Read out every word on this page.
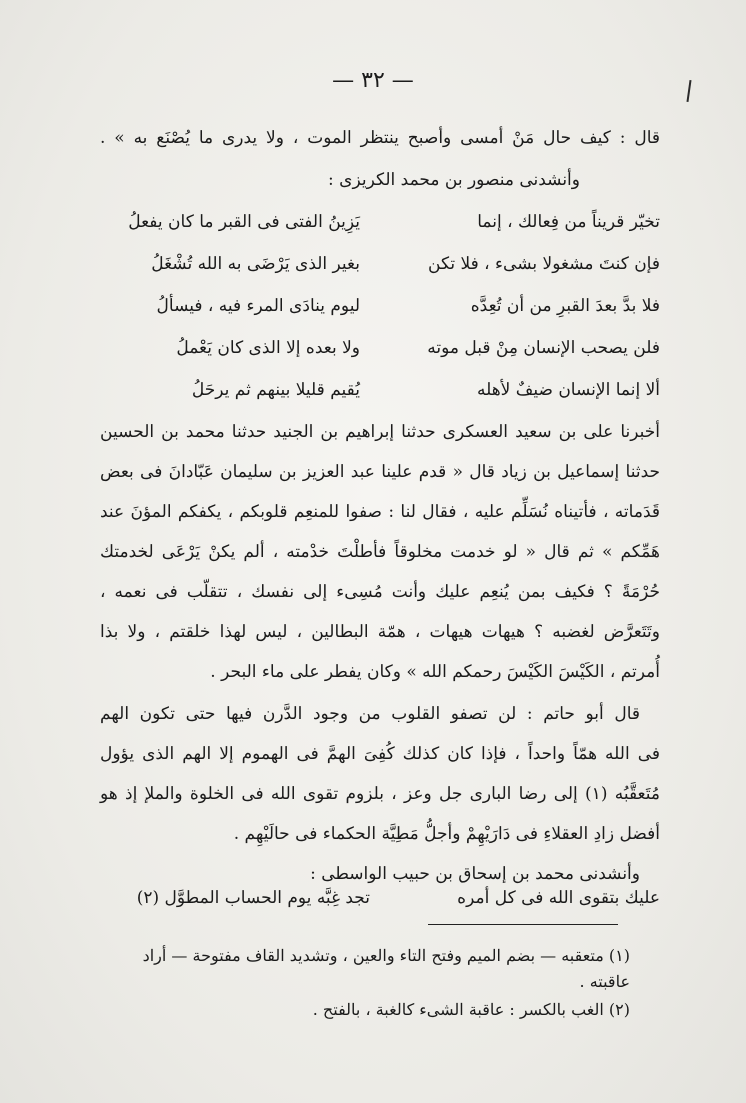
— ٣٢ —
قال : كيف حال مَنْ أمسى وأصبح ينتظر الموت ، ولا يدرى ما يُصْنَع به » .
وأنشدنى منصور بن محمد الكريزى :
تخيّر قريناً من فِعالك ، إنما
يَزِينُ الفتى فى القبر ما كان يفعلُ
فإن كنتَ مشغولا بشىء ، فلا تكن
بغير الذى يَرْضَى به الله تُشْغَلُ
فلا بدَّ بعدَ القبرِ من أن تُعِدَّه
ليوم ينادَى المرء فيه ، فيسألُ
فلن يصحب الإنسان مِنْ قبل موته
ولا بعده إلا الذى كان يَعْملُ
ألا إنما الإنسان ضيفٌ لأهله
يُقيم قليلا بينهم ثم يرحَلُ
أخبرنا على بن سعيد العسكرى حدثنا إبراهيم بن الجنيد حدثنا محمد بن الحسين
حدثنا إسماعيل بن زياد قال « قدم علينا عبد العزيز بن سليمان عَبّادانَ فى بعض
قَدَماته ، فأتيناه نُسَلِّم عليه ، فقال لنا : صفوا للمنعِم قلوبكم ، يكفكم المؤنَ عند
هَمِّكم » ثم قال « لو خدمت مخلوقاً فأطلْتَ خدْمته ، ألم يكنْ يَرْعَى لخدمتك
حُرْمَةً ؟ فكيف بمن يُنعِم عليك وأنت مُسِىء إلى نفسك ، تتقلّب فى نعمه ،
وتَتَعرَّض لغضبه ؟ هيهات هيهات ، همّة البطالين ، ليس لهذا خلقتم ، ولا بذا
أُمرتم ، الكَيْسَ الكَيْسَ رحمكم الله » وكان يفطر على ماء البحر .
قال أبو حاتم : لن تصفو القلوب من وجود الدَّرن فيها حتى تكون الهم
فى الله همّاً واحداً ، فإذا كان كذلك كُفِىَ الهمَّ فى الهموم إلا الهم الذى يؤول
مُتَعقَّبُه (١) إلى رضا البارى جل وعز ، بلزوم تقوى الله فى الخلوة والملإ إذ هو
أفضل زادِ العقلاءِ فى دَارَيْهِمْ وأجلُّ مَطِيَّة الحكماء فى حالَيْهِم .
وأنشدنى محمد بن إسحاق بن حبيب الواسطى :
عليك بتقوى الله فى كل أمره
تجد غِبَّه يوم الحساب المطوَّل (٢)
(١) متعقبه — بضم الميم وفتح التاء والعين ، وتشديد القاف مفتوحة — أراد
عاقبته .
(٢) الغب بالكسر : عاقبة الشىء كالغبة ، بالفتح .
